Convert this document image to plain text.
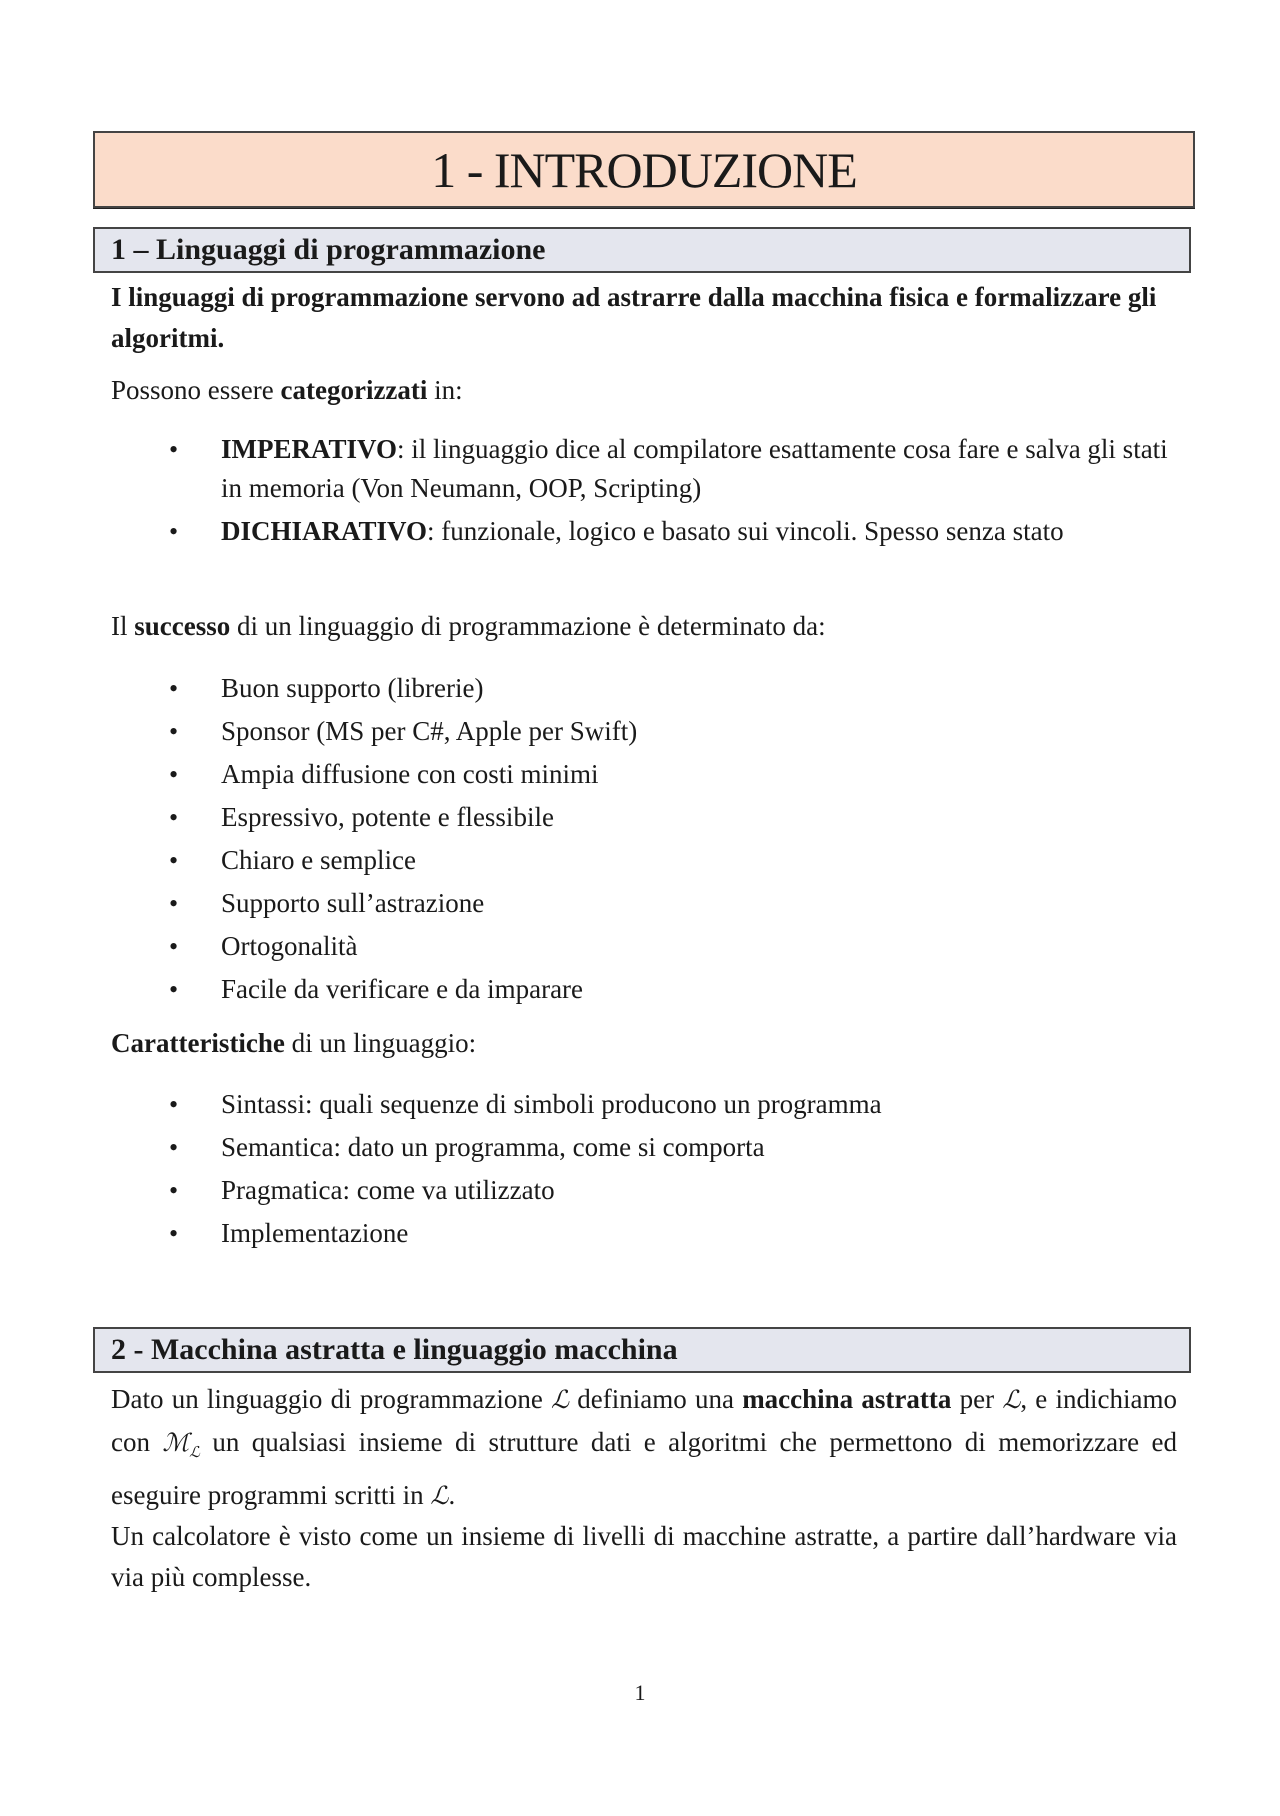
1 - INTRODUZIONE
1 – Linguaggi di programmazione
I linguaggi di programmazione servono ad astrarre dalla macchina fisica e formalizzare gli algoritmi.
Possono essere categorizzati in:
• IMPERATIVO: il linguaggio dice al compilatore esattamente cosa fare e salva gli stati in memoria (Von Neumann, OOP, Scripting)
• DICHIARATIVO: funzionale, logico e basato sui vincoli. Spesso senza stato
Il successo di un linguaggio di programmazione è determinato da:
• Buon supporto (librerie)
• Sponsor (MS per C#, Apple per Swift)
• Ampia diffusione con costi minimi
• Espressivo, potente e flessibile
• Chiaro e semplice
• Supporto sull’astrazione
• Ortogonalità
• Facile da verificare e da imparare
Caratteristiche di un linguaggio:
• Sintassi: quali sequenze di simboli producono un programma
• Semantica: dato un programma, come si comporta
• Pragmatica: come va utilizzato
• Implementazione
2 - Macchina astratta e linguaggio macchina
Dato un linguaggio di programmazione ℒ definiamo una macchina astratta per ℒ, e indichiamo con ℳ$_ℒ$ un qualsiasi insieme di strutture dati e algoritmi che permettono di memorizzare ed eseguire programmi scritti in ℒ.
Un calcolatore è visto come un insieme di livelli di macchine astratte, a partire dall’hardware via via più complesse.
1
